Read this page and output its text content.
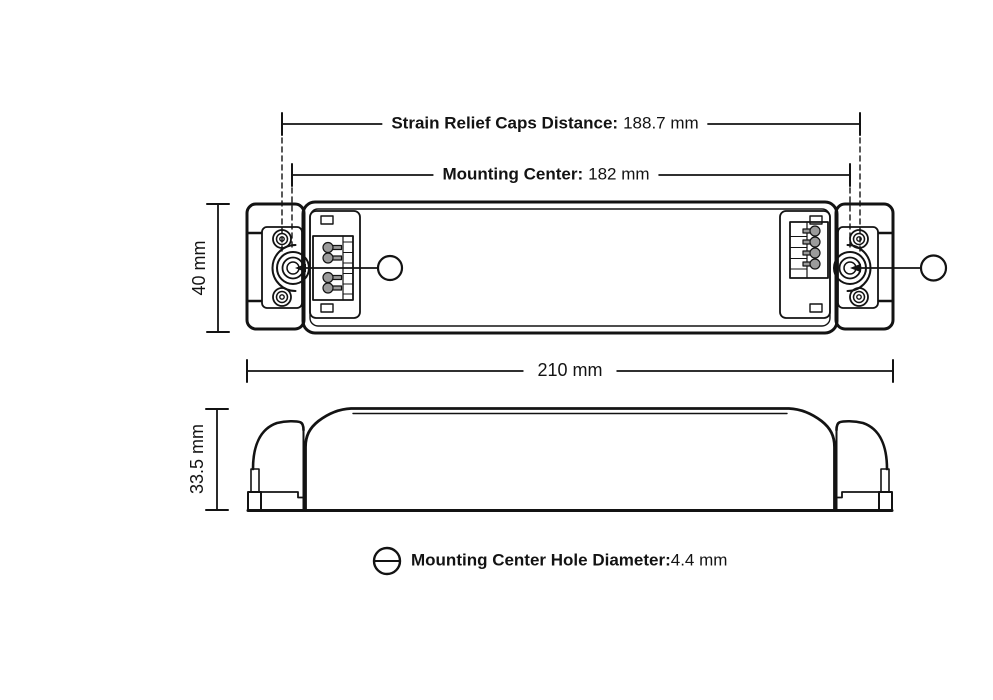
Strain Relief Caps Distance: 188.7 mm
Mounting Center: 182 mm
40 mm
210 mm
33.5 mm
Mounting Center Hole Diameter:4.4 mm
